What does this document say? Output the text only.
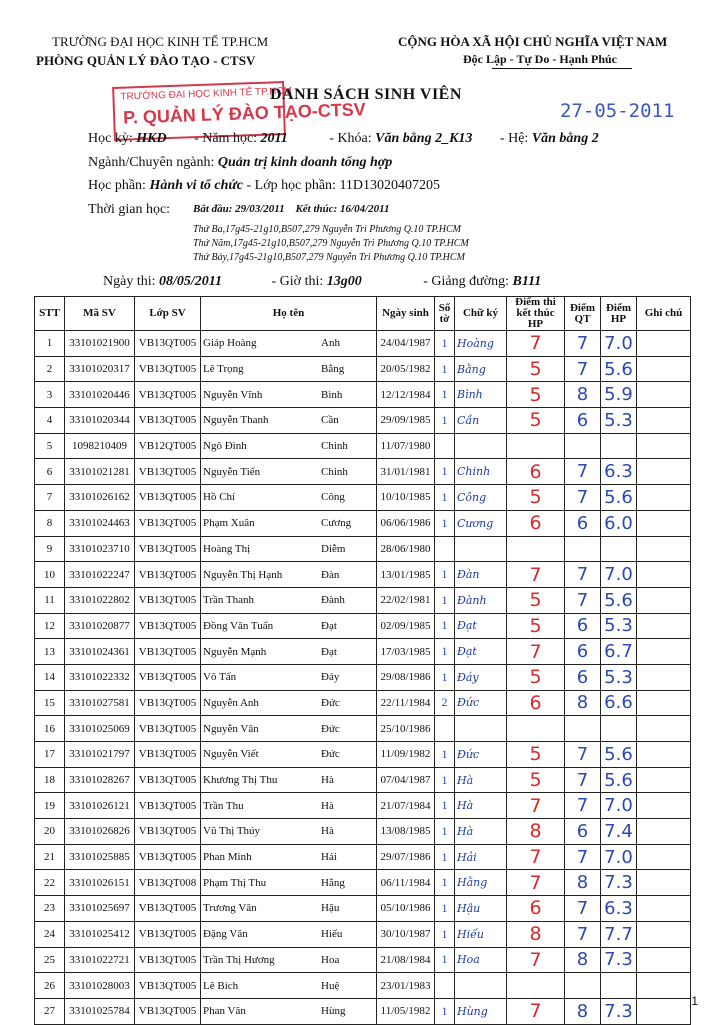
TRƯỜNG ĐẠI HỌC KINH TẾ TP.HCM
PHÒNG QUẢN LÝ ĐÀO TẠO - CTSV
CỘNG HÒA XÃ HỘI CHỦ NGHĨA VIỆT NAM
Độc Lập - Tự Do - Hạnh Phúc
TRƯỜNG ĐẠI HỌC KINH TẾ TP.HCM
P. QUẢN LÝ ĐÀO TẠO-CTSV
DANH SÁCH SINH VIÊN
27-05-2011
Học kỳ: HKD - Năm học: 2011	- Khóa: Văn bằng 2_K13 - Hệ: Văn bằng 2
Ngành/Chuyên ngành: Quản trị kinh doanh tổng hợp
Học phần: Hành vi tổ chức - Lớp học phần: 11D13020407205
Thời gian học: Bắt đầu: 29/03/2011 Kết thúc: 16/04/2011
Thứ Ba,17g45-21g10,B507,279 Nguyễn Tri Phương Q.10 TP.HCM
Thứ Năm,17g45-21g10,B507,279 Nguyễn Tri Phương Q.10 TP.HCM
Thứ Bảy,17g45-21g10,B507,279 Nguyễn Tri Phương Q.10 TP.HCM
Ngày thi: 08/05/2011	- Giờ thi: 13g00	- Giảng đường: B111
STT	Mã SV	Lớp SV	Họ tên	Ngày sinh	Số tờ	Chữ ký	Điểm thi kết thúc HP	Điểm QT	Điểm HP	Ghi chú
1	33101021900	VB13QT005	Giáp Hoàng Anh	24/04/1987	1	Hoàng	7	7	7.0	
2	33101020317	VB13QT005	Lê Trọng Bằng	20/05/1982	1	Bằng	5	7	5.6	
3	33101020446	VB13QT005	Nguyễn Vĩnh Bình	12/12/1984	1	Bình	5	8	5.9	
4	33101020344	VB13QT005	Nguyễn Thanh Cần	29/09/1985	1	Cần	5	6	5.3	
5	1098210409	VB12QT005	Ngô Đình Chinh	11/07/1980						
6	33101021281	VB13QT005	Nguyễn Tiến Chinh	31/01/1981	1	Chinh	6	7	6.3	
7	33101026162	VB13QT005	Hồ Chí Công	10/10/1985	1	Công	5	7	5.6	
8	33101024463	VB13QT005	Phạm Xuân Cương	06/06/1986	1	Cương	6	6	6.0	
9	33101023710	VB13QT005	Hoàng Thị Diễm	28/06/1980						
10	33101022247	VB13QT005	Nguyễn Thị Hạnh Đàn	13/01/1985	1	Đàn	7	7	7.0	
11	33101022802	VB13QT005	Trần Thanh Đành	22/02/1981	1	Đành	5	7	5.6	
12	33101020877	VB13QT005	Đồng Văn Tuấn Đạt	02/09/1985	1	Đạt	5	6	5.3	
13	33101024361	VB13QT005	Nguyễn Mạnh Đạt	17/03/1985	1	Đạt	7	6	6.7	
14	33101022332	VB13QT005	Võ Tấn Đáy	29/08/1986	1	Đáy	5	6	5.3	
15	33101027581	VB13QT005	Nguyễn Anh Đức	22/11/1984	2	Đức	6	8	6.6	
16	33101025069	VB13QT005	Nguyễn Văn Đức	25/10/1986						
17	33101021797	VB13QT005	Nguyễn Viết Đức	11/09/1982	1	Đức	5	7	5.6	
18	33101028267	VB13QT005	Khương Thị Thu Hà	07/04/1987	1	Hà	5	7	5.6	
19	33101026121	VB13QT005	Trần Thu Hà	21/07/1984	1	Hà	7	7	7.0	
20	33101026826	VB13QT005	Vũ Thị Thúy Hà	13/08/1985	1	Hà	8	6	7.4	
21	33101025885	VB13QT005	Phan Minh Hải	29/07/1986	1	Hải	7	7	7.0	
22	33101026151	VB13QT008	Phạm Thị Thu Hằng	06/11/1984	1	Hằng	7	8	7.3	
23	33101025697	VB13QT005	Trương Văn Hậu	05/10/1986	1	Hậu	6	7	6.3	
24	33101025412	VB13QT005	Đặng Văn Hiếu	30/10/1987	1	Hiếu	8	7	7.7	
25	33101022721	VB13QT005	Trần Thị Hương Hoa	21/08/1984	1	Hoa	7	8	7.3	
26	33101028003	VB13QT005	Lê Bích Huệ	23/01/1983						
27	33101025784	VB13QT005	Phan Văn Hùng	11/05/1982	1	Hùng	7	8	7.3		1
